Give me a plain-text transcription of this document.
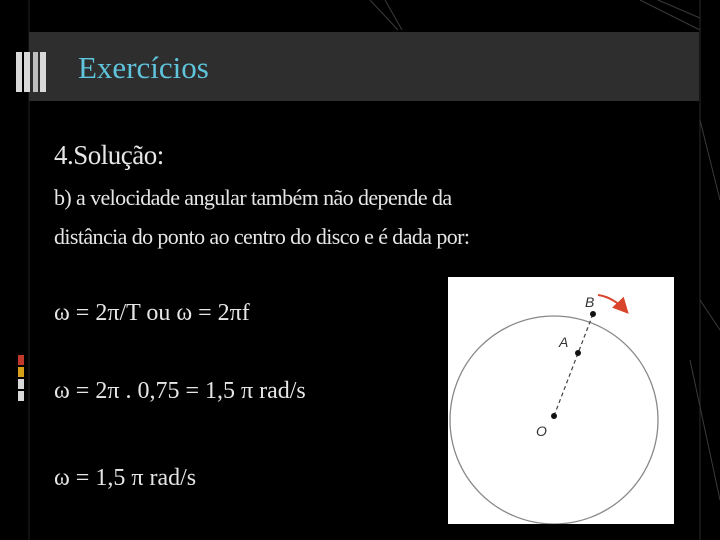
Exercícios
4.Solução:
b) a velocidade angular também não depende da
distância do ponto ao centro do disco e é dada por:
ω = 2π/T ou ω = 2πf
ω = 2π . 0,75 = 1,5 π rad/s
ω = 1,5 π rad/s
B
A
O
